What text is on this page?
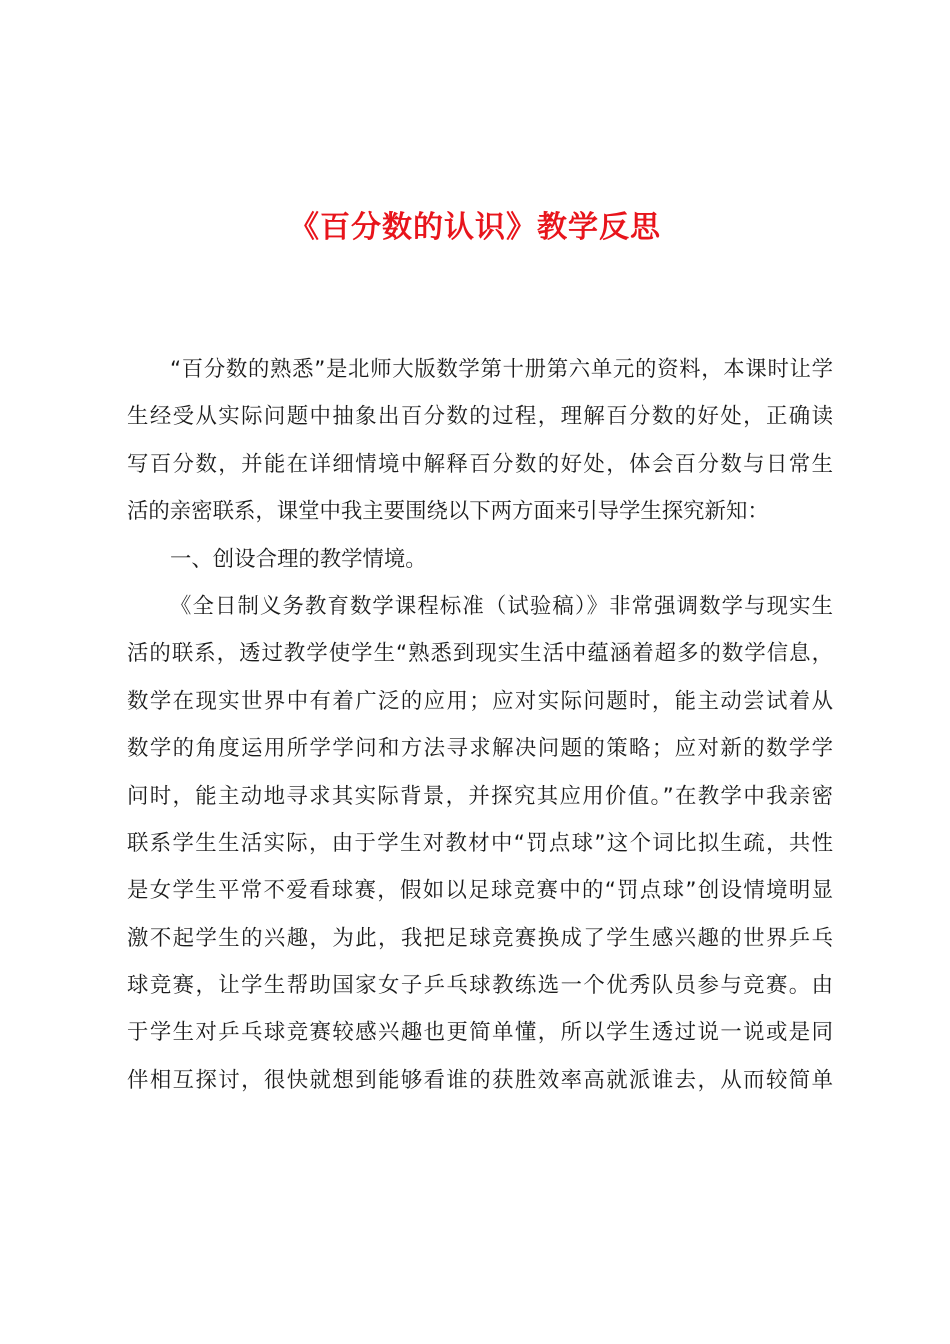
《百分数的认识》教学反思
“百分数的熟悉”是北师大版数学第十册第六单元的资料，本课时让学
生经受从实际问题中抽象出百分数的过程，理解百分数的好处，正确读
写百分数，并能在详细情境中解释百分数的好处，体会百分数与日常生
活的亲密联系，课堂中我主要围绕以下两方面来引导学生探究新知：
一、创设合理的教学情境。
《全日制义务教育数学课程标准（试验稿）》非常强调数学与现实生
活的联系，透过教学使学生“熟悉到现实生活中蕴涵着超多的数学信息，
数学在现实世界中有着广泛的应用；应对实际问题时，能主动尝试着从
数学的角度运用所学学问和方法寻求解决问题的策略；应对新的数学学
问时，能主动地寻求其实际背景，并探究其应用价值。”在教学中我亲密
联系学生生活实际，由于学生对教材中“罚点球”这个词比拟生疏，共性
是女学生平常不爱看球赛，假如以足球竞赛中的“罚点球”创设情境明显
激不起学生的兴趣，为此，我把足球竞赛换成了学生感兴趣的世界乒乓
球竞赛，让学生帮助国家女子乒乓球教练选一个优秀队员参与竞赛。由
于学生对乒乓球竞赛较感兴趣也更简单懂，所以学生透过说一说或是同
伴相互探讨，很快就想到能够看谁的获胜效率高就派谁去，从而较简单
